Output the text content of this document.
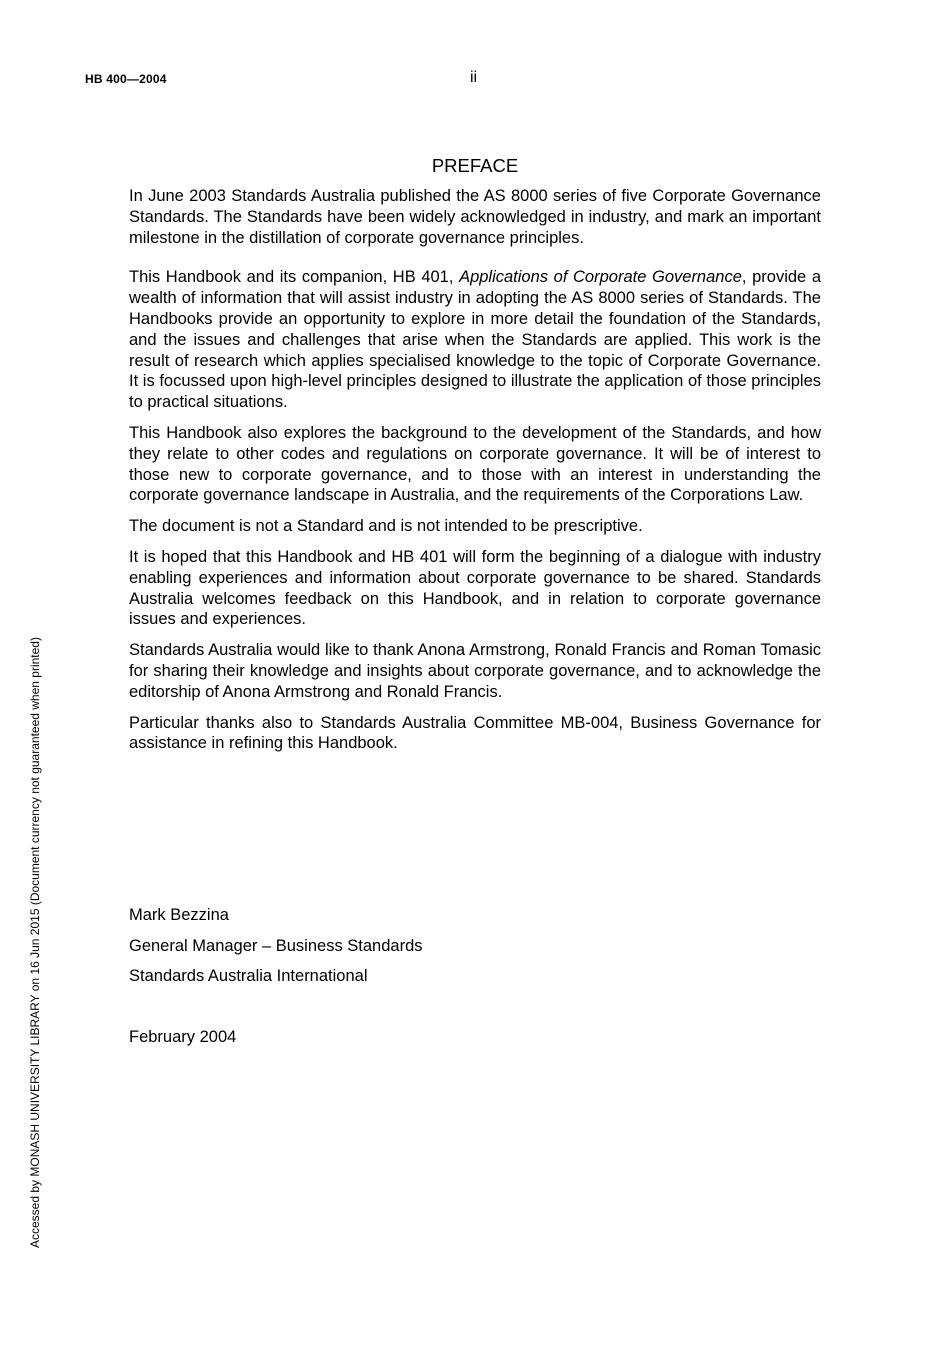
HB 400—2004	ii
PREFACE

In June 2003 Standards Australia published the AS 8000 series of five Corporate Governance Standards. The Standards have been widely acknowledged in industry, and mark an important milestone in the distillation of corporate governance principles.

This Handbook and its companion, HB 401, Applications of Corporate Governance, provide a wealth of information that will assist industry in adopting the AS 8000 series of Standards. The Handbooks provide an opportunity to explore in more detail the foundation of the Standards, and the issues and challenges that arise when the Standards are applied. This work is the result of research which applies specialised knowledge to the topic of Corporate Governance. It is focussed upon high-level principles designed to illustrate the application of those principles to practical situations.

This Handbook also explores the background to the development of the Standards, and how they relate to other codes and regulations on corporate governance. It will be of interest to those new to corporate governance, and to those with an interest in understanding the corporate governance landscape in Australia, and the requirements of the Corporations Law.

The document is not a Standard and is not intended to be prescriptive.

It is hoped that this Handbook and HB 401 will form the beginning of a dialogue with industry enabling experiences and information about corporate governance to be shared. Standards Australia welcomes feedback on this Handbook, and in relation to corporate governance issues and experiences.

Standards Australia would like to thank Anona Armstrong, Ronald Francis and Roman Tomasic for sharing their knowledge and insights about corporate governance, and to acknowledge the editorship of Anona Armstrong and Ronald Francis.

Particular thanks also to Standards Australia Committee MB-004, Business Governance for assistance in refining this Handbook.

Mark Bezzina
General Manager – Business Standards
Standards Australia International
February 2004
Accessed by MONASH UNIVERSITY LIBRARY on 16 Jun 2015 (Document currency not guaranteed when printed)
